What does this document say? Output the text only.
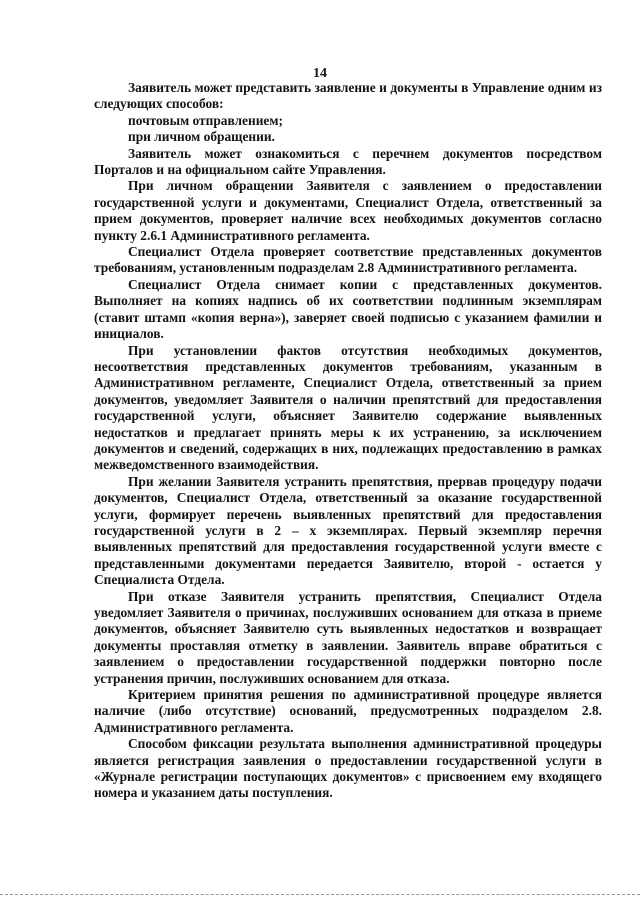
14

Заявитель может представить заявление и документы в Управление одним из следующих способов:

почтовым отправлением;

при личном обращении.

Заявитель может ознакомиться с перечнем документов посредством Порталов и на официальном сайте Управления.

При личном обращении Заявителя с заявлением о предоставлении государственной услуги и документами, Специалист Отдела, ответственный за прием документов, проверяет наличие всех необходимых документов согласно пункту 2.6.1 Административного регламента.

Специалист Отдела проверяет соответствие представленных документов требованиям, установленным подразделам 2.8 Административного регламента.

Специалист Отдела снимает копии с представленных документов. Выполняет на копиях надпись об их соответствии подлинным экземплярам (ставит штамп «копия верна»), заверяет своей подписью с указанием фамилии и инициалов.

При установлении фактов отсутствия необходимых документов, несоответствия представленных документов требованиям, указанным в Административном регламенте, Специалист Отдела, ответственный за прием документов, уведомляет Заявителя о наличии препятствий для предоставления государственной услуги, объясняет Заявителю содержание выявленных недостатков и предлагает принять меры к их устранению, за исключением документов и сведений, содержащих в них, подлежащих предоставлению в рамках межведомственного взаимодействия.

При желании Заявителя устранить препятствия, прервав процедуру подачи документов, Специалист Отдела, ответственный за оказание государственной услуги, формирует перечень выявленных препятствий для предоставления государственной услуги в 2 – х экземплярах. Первый экземпляр перечня выявленных препятствий для предоставления государственной услуги вместе с представленными документами передается Заявителю, второй - остается у Специалиста Отдела.

При отказе Заявителя устранить препятствия, Специалист Отдела уведомляет Заявителя о причинах, послуживших основанием для отказа в приеме документов, объясняет Заявителю суть выявленных недостатков и возвращает документы проставляя отметку в заявлении. Заявитель вправе обратиться с заявлением о предоставлении государственной поддержки повторно после устранения причин, послуживших основанием для отказа.

Критерием принятия решения по административной процедуре является наличие (либо отсутствие) оснований, предусмотренных подразделом 2.8. Административного регламента.

Способом фиксации результата выполнения административной процедуры является регистрация заявления о предоставлении государственной услуги в «Журнале регистрации поступающих документов» с присвоением ему входящего номера и указанием даты поступления.
